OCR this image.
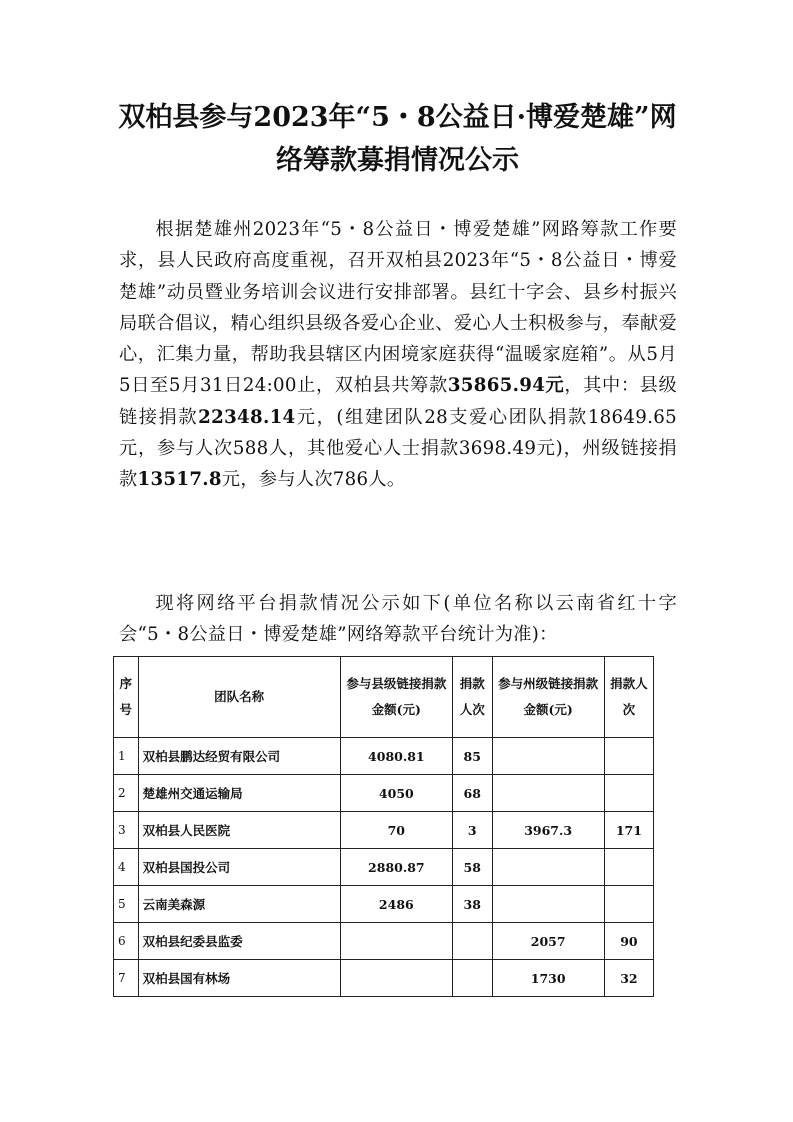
双柏县参与2023年“5・8公益日·博爱楚雄”网
络筹款募捐情况公示
根据楚雄州2023年“5・8公益日・博爱楚雄”网路筹款工作要求，县人民政府高度重视，召开双柏县2023年“5・8公益日・博爱楚雄”动员暨业务培训会议进行安排部署。县红十字会、县乡村振兴局联合倡议，精心组织县级各爱心企业、爱心人士积极参与，奉献爱心，汇集力量，帮助我县辖区内困境家庭获得“温暖家庭箱”。从5月5日至5月31日24:00止，双柏县共筹款35865.94元，其中：县级链接捐款22348.14元，(组建团队28支爱心团队捐款18649.65元，参与人次588人，其他爱心人士捐款3698.49元)，州级链接捐款13517.8元，参与人次786人。
现将网络平台捐款情况公示如下(单位名称以云南省红十字会“5・8公益日・博爱楚雄”网络筹款平台统计为准)：
序号	团队名称	参与县级链接捐款金额(元)	捐款人次	参与州级链接捐款金额(元)	捐款人次
1	双柏县鹏达经贸有限公司	4080.81	85		
2	楚雄州交通运输局	4050	68		
3	双柏县人民医院	70	3	3967.3	171
4	双柏县国投公司	2880.87	58		
5	云南美森源	2486	38		
6	双柏县纪委县监委			2057	90
7	双柏县国有林场			1730	32
